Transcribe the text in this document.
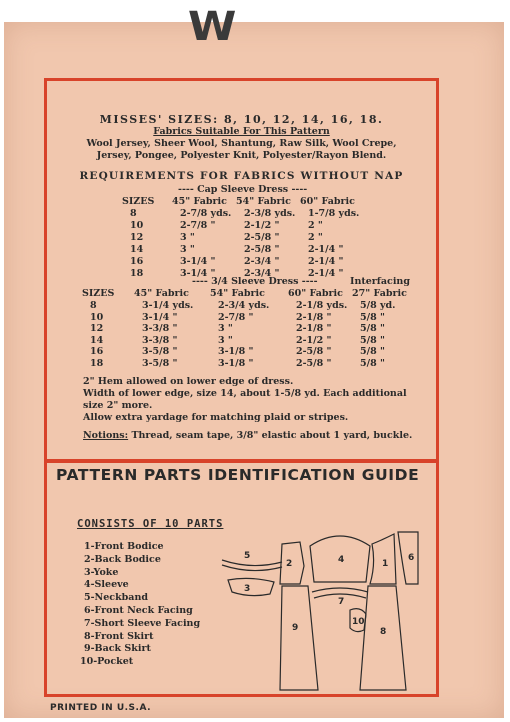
W
MISSES' SIZES: 8, 10, 12, 14, 16, 18.
Fabrics Suitable For This Pattern
Wool Jersey, Sheer Wool, Shantung, Raw Silk, Wool Crepe,
Jersey, Pongee, Polyester Knit, Polyester/Rayon Blend.
REQUIREMENTS FOR FABRICS WITHOUT NAP
---- Cap Sleeve Dress ----
SIZES 45" Fabric 54" Fabric 60" Fabric
8	2-7/8 yds. 2-3/8 yds. 1-7/8 yds.
10	2-7/8 "	2-1/2 "	2 "
12	3 "	2-5/8 "	2 "
14	3 "	2-5/8 "	2-1/4 "
16	3-1/4 "	2-3/4 "	2-1/4 "
18	3-1/4 "	2-3/4 "	2-1/4 "
---- 3/4 Sleeve Dress ----	Interfacing
SIZES 45" Fabric 54" Fabric 60" Fabric 27" Fabric
8	3-1/4 yds.	2-3/4 yds.	2-1/8 yds. 5/8 yd.
10	3-1/4 "	2-7/8 "	2-1/8 "	5/8 "
12	3-3/8 "	3 "	2-1/8 "	5/8 "
14	3-3/8 "	3 "	2-1/2 "	5/8 "
16	3-5/8 "	3-1/8 "	2-5/8 "	5/8 "
18	3-5/8 "	3-1/8 "	2-5/8 "	5/8 "
2" Hem allowed on lower edge of dress.
Width of lower edge, size 14, about 1-5/8 yd. Each additional
size 2" more.
Allow extra yardage for matching plaid or stripes.
Notions: Thread, seam tape, 3/8" elastic about 1 yard, buckle.
PATTERN PARTS IDENTIFICATION GUIDE
CONSISTS OF 10 PARTS
1-Front Bodice
2-Back Bodice
3-Yoke
4-Sleeve
5-Neckband
6-Front Neck Facing
7-Short Sleeve Facing
8-Front Skirt
9-Back Skirt
10-Pocket
5
3
2	4	1
6
7
10
9	8
PRINTED IN U.S.A.
